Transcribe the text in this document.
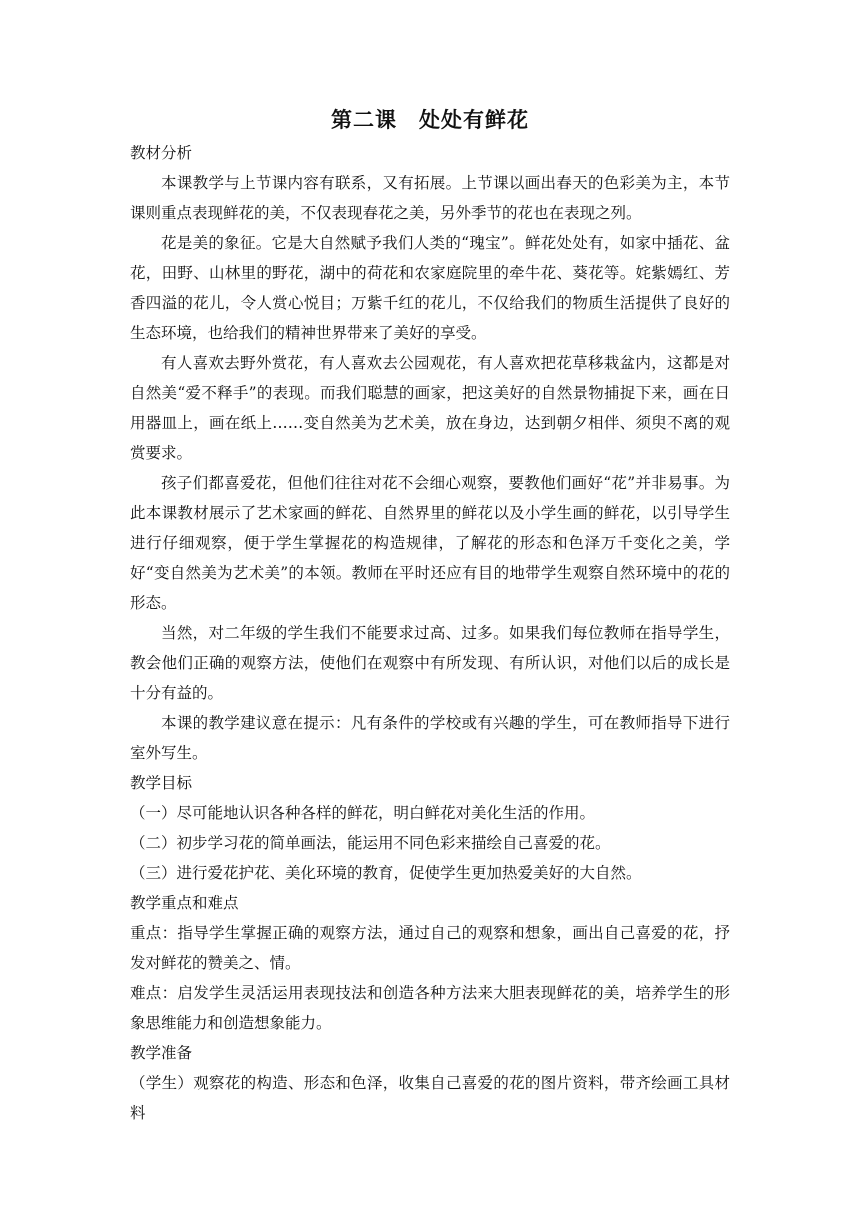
第二课 处处有鲜花

教材分析

本课教学与上节课内容有联系，又有拓展。上节课以画出春天的色彩美为主，本节课则重点表现鲜花的美，不仅表现春花之美，另外季节的花也在表现之列。

花是美的象征。它是大自然赋予我们人类的“瑰宝”。鲜花处处有，如家中插花、盆花，田野、山林里的野花，湖中的荷花和农家庭院里的牵牛花、葵花等。姹紫嫣红、芳香四溢的花儿，令人赏心悦目；万紫千红的花儿，不仅给我们的物质生活提供了良好的生态环境，也给我们的精神世界带来了美好的享受。

有人喜欢去野外赏花，有人喜欢去公园观花，有人喜欢把花草移栽盆内，这都是对自然美“爱不释手”的表现。而我们聪慧的画家，把这美好的自然景物捕捉下来，画在日用器皿上，画在纸上……变自然美为艺术美，放在身边，达到朝夕相伴、须臾不离的观赏要求。

孩子们都喜爱花，但他们往往对花不会细心观察，要教他们画好“花”并非易事。为此本课教材展示了艺术家画的鲜花、自然界里的鲜花以及小学生画的鲜花，以引导学生进行仔细观察，便于学生掌握花的构造规律，了解花的形态和色泽万千变化之美，学好“变自然美为艺术美”的本领。教师在平时还应有目的地带学生观察自然环境中的花的形态。

当然，对二年级的学生我们不能要求过高、过多。如果我们每位教师在指导学生，教会他们正确的观察方法，使他们在观察中有所发现、有所认识，对他们以后的成长是十分有益的。

本课的教学建议意在提示：凡有条件的学校或有兴趣的学生，可在教师指导下进行室外写生。

教学目标

（一）尽可能地认识各种各样的鲜花，明白鲜花对美化生活的作用。

（二）初步学习花的简单画法，能运用不同色彩来描绘自己喜爱的花。

（三）进行爱花护花、美化环境的教育，促使学生更加热爱美好的大自然。

教学重点和难点

重点：指导学生掌握正确的观察方法，通过自己的观察和想象，画出自己喜爱的花，抒发对鲜花的赞美之、情。

难点：启发学生灵活运用表现技法和创造各种方法来大胆表现鲜花的美，培养学生的形象思维能力和创造想象能力。

教学准备

（学生）观察花的构造、形态和色泽，收集自己喜爱的花的图片资料，带齐绘画工具材料
